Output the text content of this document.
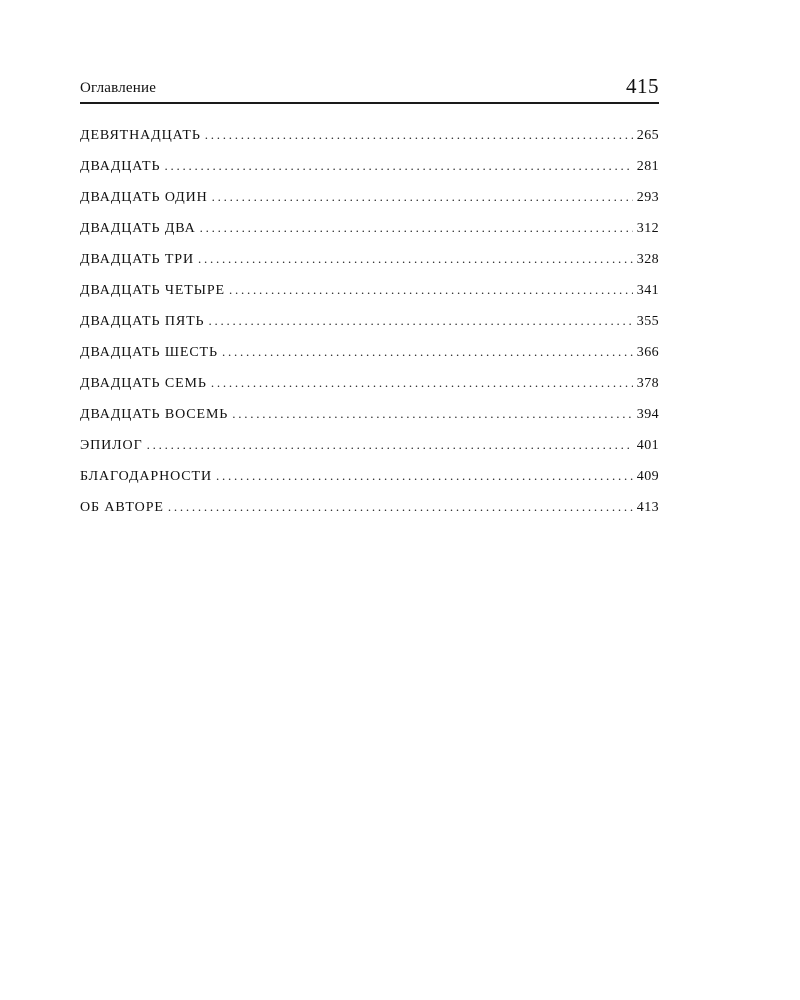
Оглавление	415
ДЕВЯТНАДЦАТЬ . . .	265
ДВАДЦАТЬ . . .	281
ДВАДЦАТЬ ОДИН . . .	293
ДВАДЦАТЬ ДВА . . .	312
ДВАДЦАТЬ ТРИ . . .	328
ДВАДЦАТЬ ЧЕТЫРЕ . . .	341
ДВАДЦАТЬ ПЯТЬ . . .	355
ДВАДЦАТЬ ШЕСТЬ . . .	366
ДВАДЦАТЬ СЕМЬ . . .	378
ДВАДЦАТЬ ВОСЕМЬ . . .	394
ЭПИЛОГ . . .	401
БЛАГОДАРНОСТИ . . .	409
ОБ АВТОРЕ . . .	413
